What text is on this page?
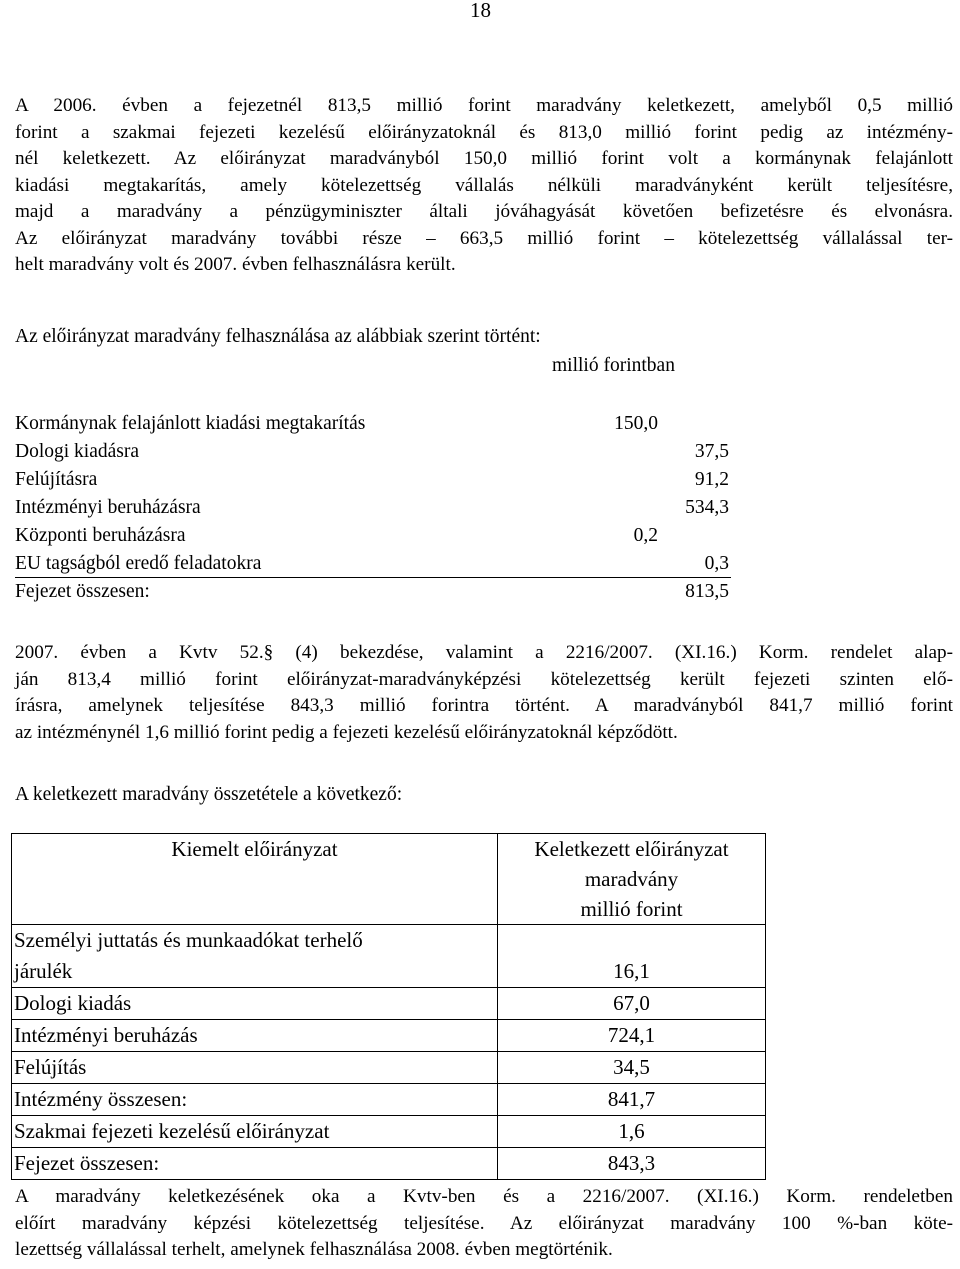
18
A 2006. évben a fejezetnél 813,5 millió forint maradvány keletkezett, amelyből 0,5 millió
forint a szakmai fejezeti kezelésű előirányzatoknál és 813,0 millió forint pedig az intézmény-
nél keletkezett. Az előirányzat maradványból 150,0 millió forint volt a kormánynak felajánlott
kiadási megtakarítás, amely kötelezettség vállalás nélküli maradványként került teljesítésre,
majd a maradvány a pénzügyminiszter általi jóváhagyását követően befizetésre és elvonásra.
Az előirányzat maradvány további része – 663,5 millió forint – kötelezettség vállalással ter-
helt maradvány volt és 2007. évben felhasználásra került.
Az előirányzat maradvány felhasználása az alábbiak szerint történt:
millió forintban
Kormánynak felajánlott kiadási megtakarítás	150,0
Dologi kiadásra	37,5
Felújításra	91,2
Intézményi beruházásra	534,3
Központi beruházásra	0,2
EU tagságból eredő feladatokra	0,3
Fejezet összesen:	813,5
2007. évben a Kvtv 52.§ (4) bekezdése, valamint a 2216/2007. (XI.16.) Korm. rendelet alap-
ján 813,4 millió forint előirányzat-maradványképzési kötelezettség került fejezeti szinten elő-
írásra, amelynek teljesítése 843,3 millió forintra történt. A maradványból 841,7 millió forint
az intézménynél 1,6 millió forint pedig a fejezeti kezelésű előirányzatoknál képződött.
A keletkezett maradvány összetétele a következő:
Kiemelt előirányzat	Keletkezett előirányzat maradvány
millió forint
Személyi juttatás és munkaadókat terhelő
járulék	16,1
Dologi kiadás	67,0
Intézményi beruházás	724,1
Felújítás	34,5
Intézmény összesen:	841,7
Szakmai fejezeti kezelésű előirányzat	1,6
Fejezet összesen:	843,3
A maradvány keletkezésének oka a Kvtv-ben és a 2216/2007. (XI.16.) Korm. rendeletben
előírt maradvány képzési kötelezettség teljesítése. Az előirányzat maradvány 100 %-ban köte-
lezettség vállalással terhelt, amelynek felhasználása 2008. évben megtörténik.
